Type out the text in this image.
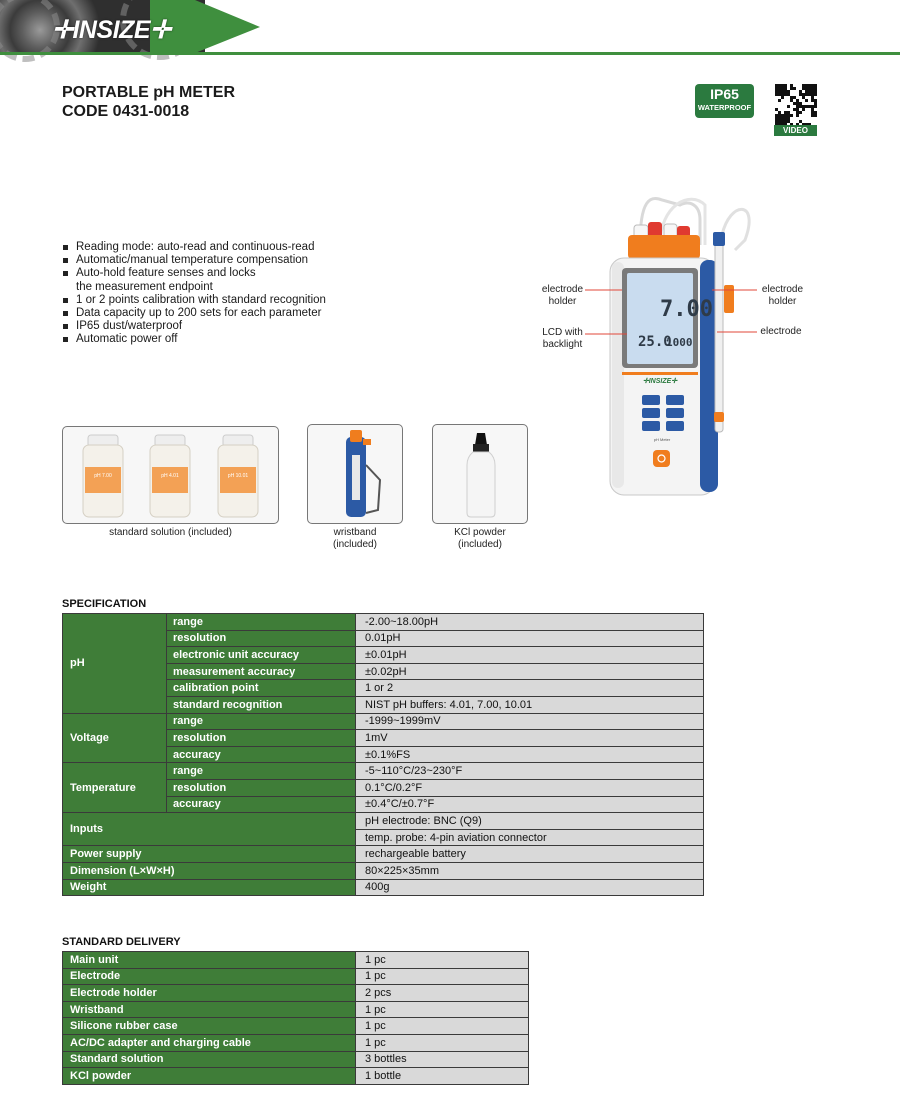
✛INSIZE✛
PORTABLE pH METER
CODE 0431-0018
IP65
WATERPROOF
VIDEO
Reading mode: auto-read and continuous-read
Automatic/manual temperature compensation
Auto-hold feature senses and locks
the measurement endpoint
1 or 2 points calibration with standard recognition
Data capacity up to 200 sets for each parameter
IP65 dust/waterproof
Automatic power off
7.00
25.0
1000
✛INSIZE✛
pH Meter
electrode holder
LCD with backlight
electrode holder
electrode
pH 7.00	pH 4.01	pH 10.01
standard solution (included)	wristband
(included)
KCl powder
(included)
SPECIFICATION
pH	range	-2.00~18.00pH
	resolution	0.01pH
	electronic unit accuracy	±0.01pH
	measurement accuracy	±0.02pH
	calibration point	1 or 2
	standard recognition	NIST pH buffers: 4.01, 7.00, 10.01
Voltage	range	-1999~1999mV
	resolution	1mV
	accuracy	±0.1%FS
Temperature	range	-5~110°C/23~230°F
	resolution	0.1°C/0.2°F
	accuracy	±0.4°C/±0.7°F
Inputs		pH electrode: BNC (Q9)
		temp. probe: 4-pin aviation connector
Power supply		rechargeable battery
Dimension (L×W×H)		80×225×35mm
Weight		400g
STANDARD DELIVERY
Main unit	1 pc
Electrode	1 pc
Electrode holder	2 pcs
Wristband	1 pc
Silicone rubber case	1 pc
AC/DC adapter and charging cable	1 pc
Standard solution	3 bottles
KCl powder	1 bottle
